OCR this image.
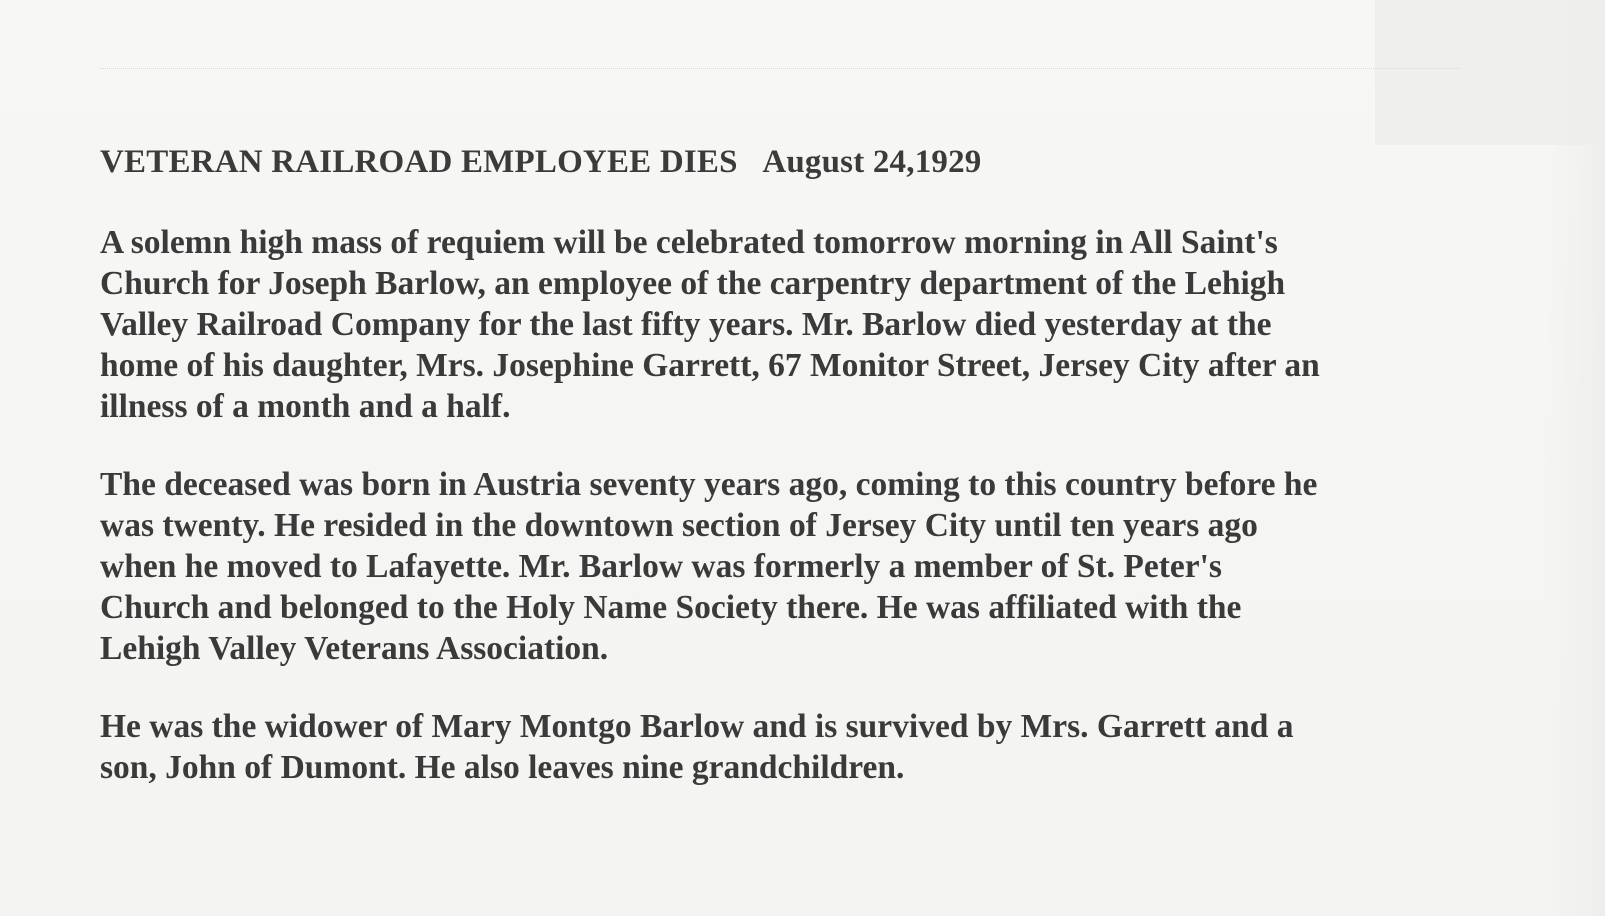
VETERAN RAILROAD EMPLOYEE DIES August 24,1929

A solemn high mass of requiem will be celebrated tomorrow morning in All Saint's
Church for Joseph Barlow, an employee of the carpentry department of the Lehigh
Valley Railroad Company for the last fifty years. Mr. Barlow died yesterday at the
home of his daughter, Mrs. Josephine Garrett, 67 Monitor Street, Jersey City after an
illness of a month and a half.

The deceased was born in Austria seventy years ago, coming to this country before he
was twenty. He resided in the downtown section of Jersey City until ten years ago
when he moved to Lafayette. Mr. Barlow was formerly a member of St. Peter's
Church and belonged to the Holy Name Society there. He was affiliated with the
Lehigh Valley Veterans Association.

He was the widower of Mary Montgo Barlow and is survived by Mrs. Garrett and a
son, John of Dumont. He also leaves nine grandchildren.
